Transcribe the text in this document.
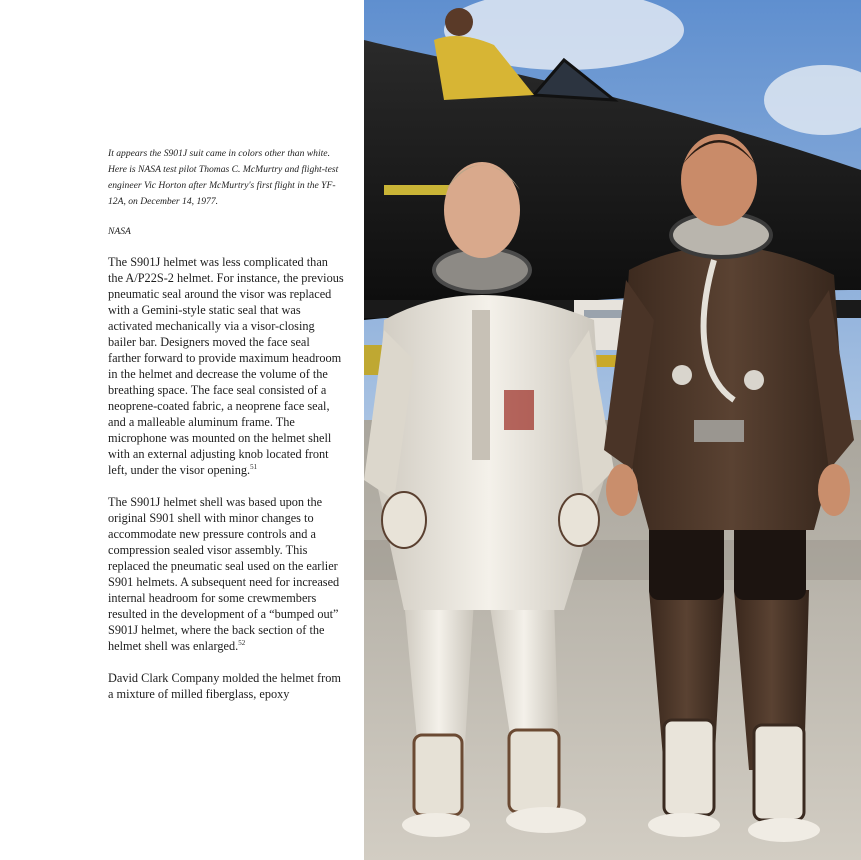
It appears the S901J suit came in colors other than white. Here is NASA test pilot Thomas C. McMurtry and flight-test engineer Vic Horton after McMurtry's first flight in the YF-12A, on December 14, 1977.

NASA

The S901J helmet was less complicated than the A/P22S-2 helmet. For instance, the previous pneumatic seal around the visor was replaced with a Gemini-style static seal that was activated mechanically via a visor-closing bailer bar. Designers moved the face seal farther forward to provide maximum headroom in the helmet and decrease the volume of the breathing space. The face seal consisted of a neoprene-coated fabric, a neoprene face seal, and a malleable aluminum frame. The microphone was mounted on the helmet shell with an external adjusting knob located front left, under the visor opening.$^{51}$

The S901J helmet shell was based upon the original S901 shell with minor changes to accommodate new pressure controls and a compression sealed visor assembly. This replaced the pneumatic seal used on the earlier S901 helmets. A subsequent need for increased internal headroom for some crewmembers resulted in the development of a “bumped out” S901J helmet, where the back section of the helmet shell was enlarged.$^{52}$

David Clark Company molded the helmet from a mixture of milled fiberglass, epoxy
